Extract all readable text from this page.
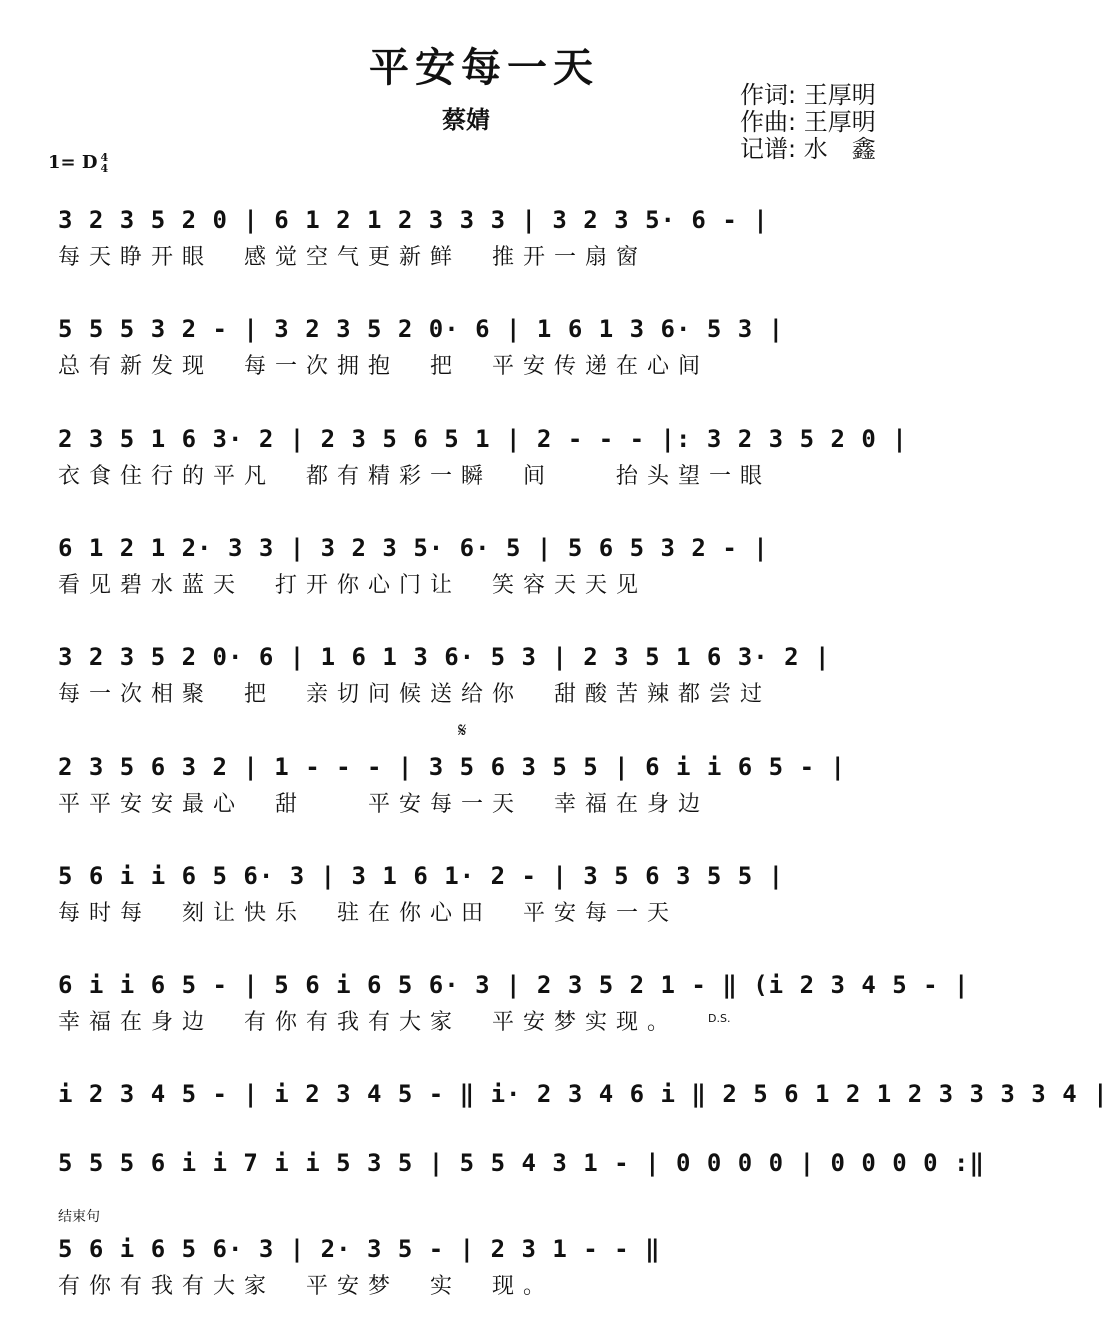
平安每一天
蔡婧
作词: 王厚明
作曲: 王厚明
记谱: 水　鑫
1= D 4
4
𝄋
D.S.
结束句
3 2 3 5 2 0 | 6 1 2 1 2 3 3 3 | 3 2 3 5· 6 - |
每天睁开眼　感觉空气更新鲜　推开一扇窗
5 5 5 3 2 - | 3 2 3 5 2 0· 6 | 1 6 1 3 6· 5 3 |
总有新发现　每一次拥抱　把　平安传递在心间
2 3 5 1 6 3· 2 | 2 3 5 6 5 1 | 2 - - - |: 3 2 3 5 2 0 |
衣食住行的平凡　都有精彩一瞬　间　　抬头望一眼
6 1 2 1 2· 3 3 | 3 2 3 5· 6· 5 | 5 6 5 3 2 - |
看见碧水蓝天　打开你心门让　笑容天天见
3 2 3 5 2 0· 6 | 1 6 1 3 6· 5 3 | 2 3 5 1 6 3· 2 |
每一次相聚　把　亲切问候送给你　甜酸苦辣都尝过
2 3 5 6 3 2 | 1 - - - | 3 5 6 3 5 5 | 6 i i 6 5 - |
平平安安最心　甜　　平安每一天　幸福在身边
5 6 i i 6 5 6· 3 | 3 1 6 1· 2 - | 3 5 6 3 5 5 |
每时每　刻让快乐　驻在你心田　平安每一天
6 i i 6 5 - | 5 6 i 6 5 6· 3 | 2 3 5 2 1 - ‖ (i 2 3 4 5 - |
幸福在身边　有你有我有大家　平安梦实现。
i 2 3 4 5 - | i 2 3 4 5 - ‖ i· 2 3 4 6 i ‖ 2 5 6 1 2 1 2 3 3 3 3 4 |
5 5 5 6 i i 7 i i 5 3 5 | 5 5 4 3 1 - | 0 0 0 0 | 0 0 0 0 :‖
5 6 i 6 5 6· 3 | 2· 3 5 - | 2 3 1 - - ‖
有你有我有大家　平安梦　实　现。
